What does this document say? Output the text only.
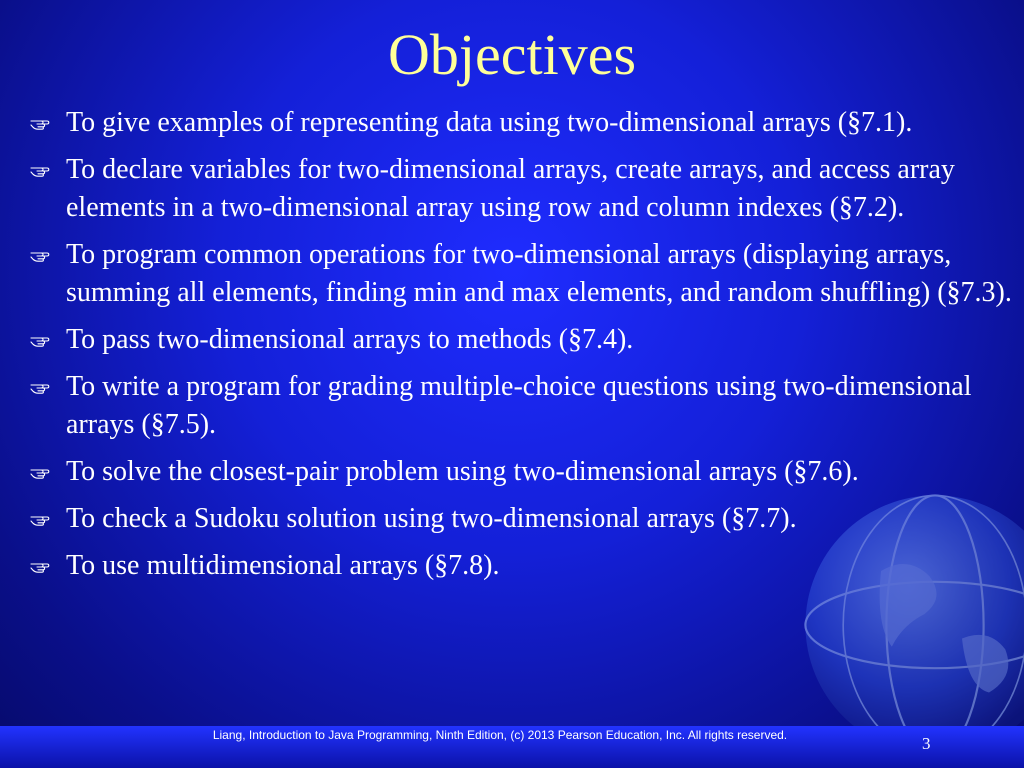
Objectives
To give examples of representing data using two-dimensional arrays (§7.1).
To declare variables for two-dimensional arrays, create arrays, and access array elements in a two-dimensional array using row and column indexes (§7.2).
To program common operations for two-dimensional arrays (displaying arrays, summing all elements, finding min and max elements, and random shuffling) (§7.3).
To pass two-dimensional arrays to methods (§7.4).
To write a program for grading multiple-choice questions using two-dimensional arrays (§7.5).
To solve the closest-pair problem using two-dimensional arrays (§7.6).
To check a Sudoku solution using two-dimensional arrays (§7.7).
To use multidimensional arrays (§7.8).
Liang, Introduction to Java Programming, Ninth Edition, (c) 2013 Pearson Education, Inc. All rights reserved.	3
